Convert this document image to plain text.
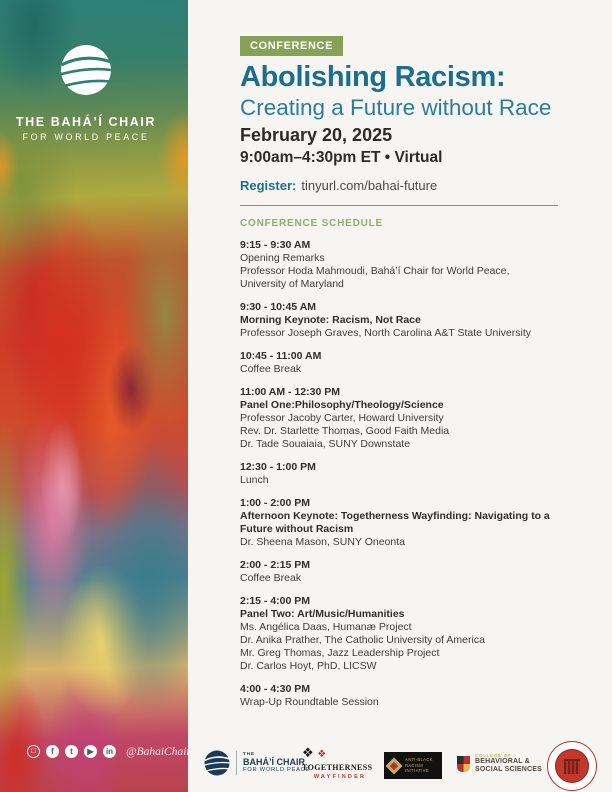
THE BAHÁ’Í CHAIR
FOR WORLD PEACE
□	f	t	▶	in @BahaiChair
CONFERENCE
Abolishing Racism:
Creating a Future without Race
February 20, 2025
9:00am–4:30pm ET • Virtual
Register: tinyurl.com/bahai-future
CONFERENCE SCHEDULE
9:15 - 9:30 AM
Opening Remarks
Professor Hoda Mahmoudi, Bahá’í Chair for World Peace, University of Maryland
9:30 - 10:45 AM
Morning Keynote: Racism, Not Race
Professor Joseph Graves, North Carolina A&T State University
10:45 - 11:00 AM
Coffee Break
11:00 AM - 12:30 PM
Panel One:Philosophy/Theology/Science
Professor Jacoby Carter, Howard University
Rev. Dr. Starlette Thomas, Good Faith Media
Dr. Tade Souaiaia, SUNY Downstate
12:30 - 1:00 PM
Lunch
1:00 - 2:00 PM
Afternoon Keynote: Togetherness Wayfinding: Navigating to a Future without Racism
Dr. Sheena Mason, SUNY Oneonta
2:00 - 2:15 PM
Coffee Break
2:15 - 4:00 PM
Panel Two: Art/Music/Humanities
Ms. Angélica Daas, Humanæ Project
Dr. Anika Prather, The Catholic University of America
Mr. Greg Thomas, Jazz Leadership Project
Dr. Carlos Hoyt, PhD, LICSW
4:00 - 4:30 PM
Wrap-Up Roundtable Session
THE
BAHÁ’Í CHAIR
FOR WORLD PEACE
❖ ❖
TOGETHERNESS
WAYFINDER
ANTI-BLACK
RACISM
INITIATIVE
COLLEGE OF
BEHAVIORAL &
SOCIAL SCIENCES
